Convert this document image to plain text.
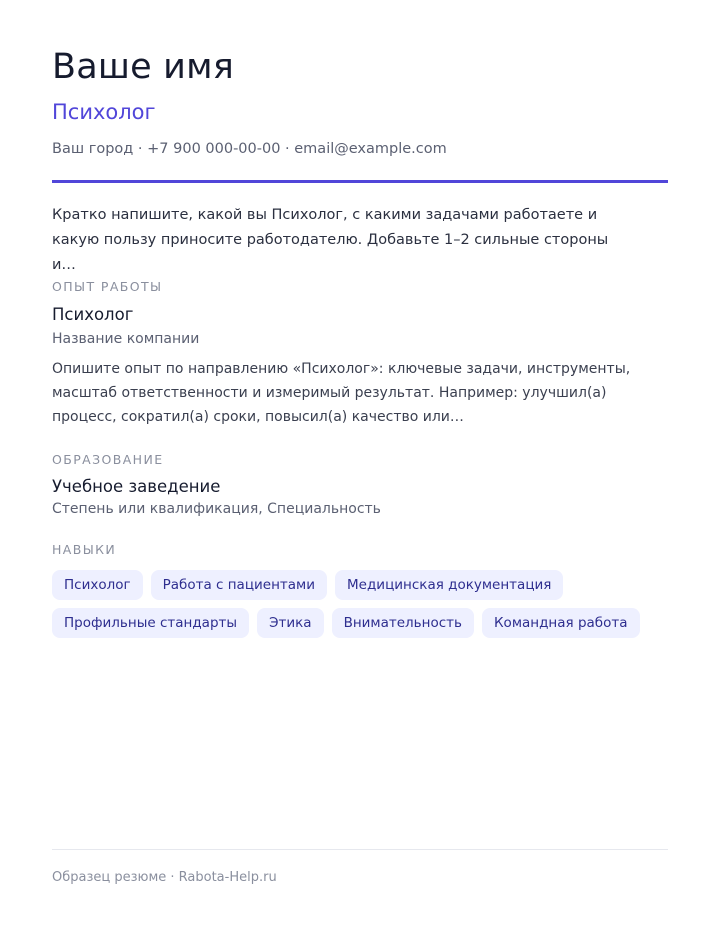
Ваше имя
Психолог
Ваш город · +7 900 000-00-00 · email@example.com
Кратко напишите, какой вы Психолог, с какими задачами работаете и какую пользу приносите работодателю. Добавьте 1–2 сильные стороны и…
ОПЫТ РАБОТЫ
Психолог
Название компании
Опишите опыт по направлению «Психолог»: ключевые задачи, инструменты, масштаб ответственности и измеримый результат. Например: улучшил(а) процесс, сократил(а) сроки, повысил(а) качество или…
ОБРАЗОВАНИЕ
Учебное заведение
Степень или квалификация, Специальность
НАВЫКИ
Психолог	Работа с пациентами	Медицинская документация
Профильные стандарты	Этика	Внимательность	Командная работа
Образец резюме · Rabota-Help.ru
